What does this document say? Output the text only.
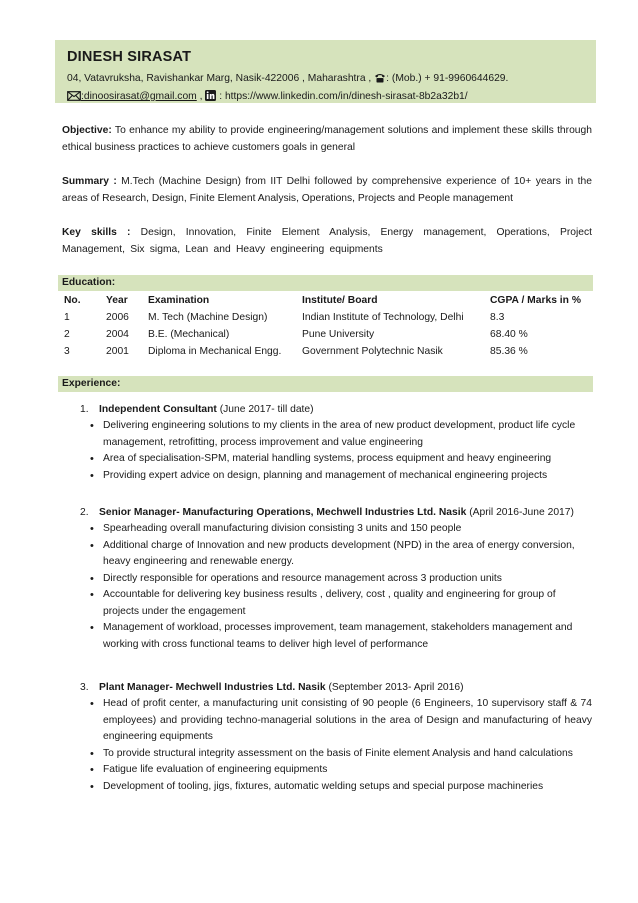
DINESH SIRASAT
04, Vatavruksha, Ravishankar Marg, Nasik-422006 , Maharashtra , : (Mob.) + 91-9960644629.
:dinoosirasat@gmail.com ,  : https://www.linkedin.com/in/dinesh-sirasat-8b2a32b1/
Objective: To enhance my ability to provide engineering/management solutions and implement these skills through ethical business practices to achieve customers goals in general
Summary : M.Tech (Machine Design) from IIT Delhi followed by comprehensive experience of 10+ years in the areas of Research, Design, Finite Element Analysis, Operations, Projects and People management
Key skills : Design, Innovation, Finite Element Analysis, Energy management, Operations, Project Management, Six sigma, Lean and Heavy engineering equipments
Education:
No.	Year	Examination	Institute/ Board	CGPA / Marks in %
1	2006	M. Tech (Machine Design)	Indian Institute of Technology, Delhi	8.3
2	2004	B.E. (Mechanical)	Pune University	68.40 %
3	2001	Diploma in Mechanical Engg.	Government Polytechnic Nasik	85.36 %
Experience:
1. Independent Consultant (June 2017- till date)
• Delivering engineering solutions to my clients in the area of new product development, product life cycle management, retrofitting, process improvement and value engineering
• Area of specialisation-SPM, material handling systems, process equipment and heavy engineering
• Providing expert advice on design, planning and management of mechanical engineering projects
2. Senior Manager- Manufacturing Operations, Mechwell Industries Ltd. Nasik (April 2016-June 2017)
• Spearheading overall manufacturing division consisting 3 units and 150 people
• Additional charge of Innovation and new products development (NPD) in the area of energy conversion, heavy engineering and renewable energy.
• Directly responsible for operations and resource management across 3 production units
• Accountable for delivering key business results , delivery, cost , quality and engineering for group of projects under the engagement
• Management of workload, processes improvement, team management, stakeholders management and working with cross functional teams to deliver high level of performance
3. Plant Manager- Mechwell Industries Ltd. Nasik (September 2013- April 2016)
• Head of profit center, a manufacturing unit consisting of 90 people (6 Engineers, 10 supervisory staff & 74 employees) and providing techno-managerial solutions in the area of Design and manufacturing of heavy engineering equipments
• To provide structural integrity assessment on the basis of Finite element Analysis and hand calculations
• Fatigue life evaluation of engineering equipments
• Development of tooling, jigs, fixtures, automatic welding setups and special purpose machineries
